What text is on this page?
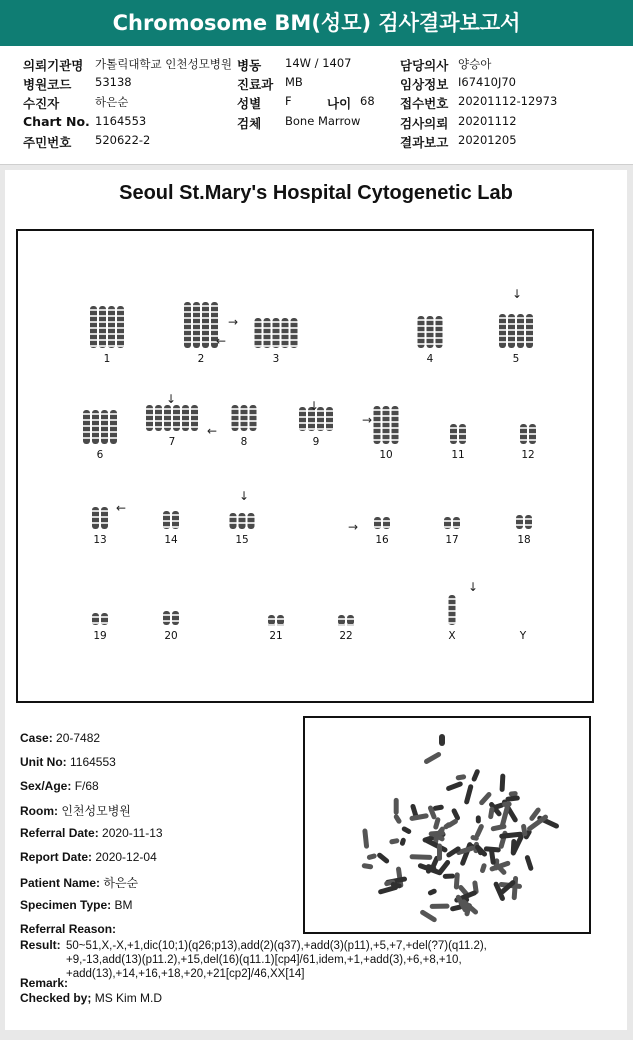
Chromosome BM(성모) 검사결과보고서
의뢰기관명 가톨릭대학교 인천성모병원 병동 14W / 1407	담당의사 양승아
병원코드 53138	진료과 MB	임상정보 I67410J70
수진자	하은순	성별 F	나이 68 접수번호 20201112-12973
Chart No. 1164553	검체 Bone Marrow	검사의뢰 20201112
주민번호 520622-2	결과보고 20201205
Seoul St.Mary's Hospital Cytogenetic Lab
1	2	3	4	5
6
7	8	9
10	11	12
13	14	15	16	17	18
19	20	21	22	X	Y
↓
→
←
↓
←
↓
→
←
↓
→
↓
Case: 20-7482
Unit No: 1164553
Sex/Age: F/68
Room: 인천성모병원
Referral Date: 2020-11-13
Report Date: 2020-12-04
Patient Name: 하은순
Specimen Type: BM
Referral Reason:
Result: 50~51,X,-X,+1,dic(10;1)(q26;p13),add(2)(q37),+add(3)(p11),+5,+7,+del(?7)(q11.2),
+9,-13,add(13)(p11.2),+15,del(16)(q11.1)[cp4]/61,idem,+1,+add(3),+6,+8,+10,
+add(13),+14,+16,+18,+20,+21[cp2]/46,XX[14]
Remark:
Checked by; MS Kim M.D
